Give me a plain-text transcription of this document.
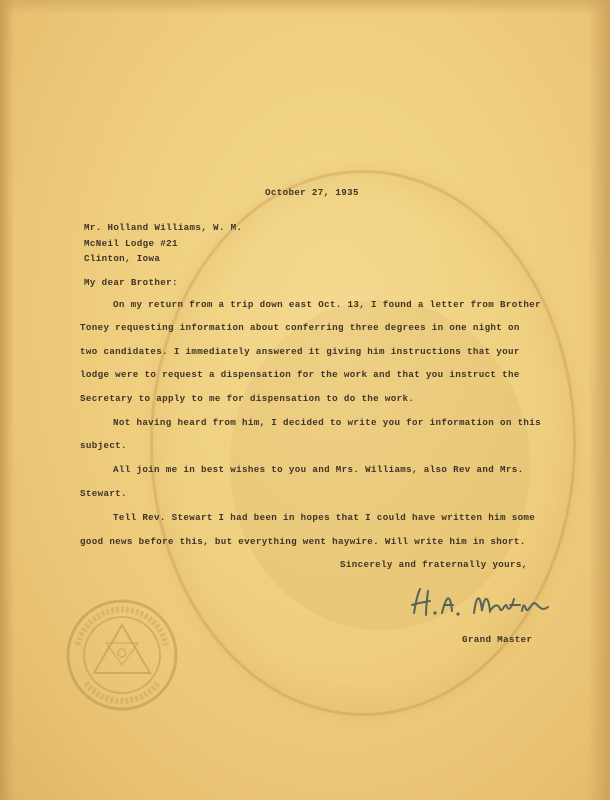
October 27, 1935
Mr. Holland Williams, W. M.
McNeil Lodge #21
Clinton, Iowa
My dear Brother:
On my return from a trip down east Oct. 13, I found a letter from Brother
Toney requesting information about conferring three degrees in one night on
two candidates. I immediately answered it giving him instructions that your
lodge were to request a dispensation for the work and that you instruct the
Secretary to apply to me for dispensation to do the work.
Not having heard from him, I decided to write you for information on this
subject.
All join me in best wishes to you and Mrs. Williams, also Rev and Mrs.
Stewart.
Tell Rev. Stewart I had been in hopes that I could have written him some
good news before this, but everything went haywire. Will write him in short.
Sincerely and fraternally yours,
Grand Master
